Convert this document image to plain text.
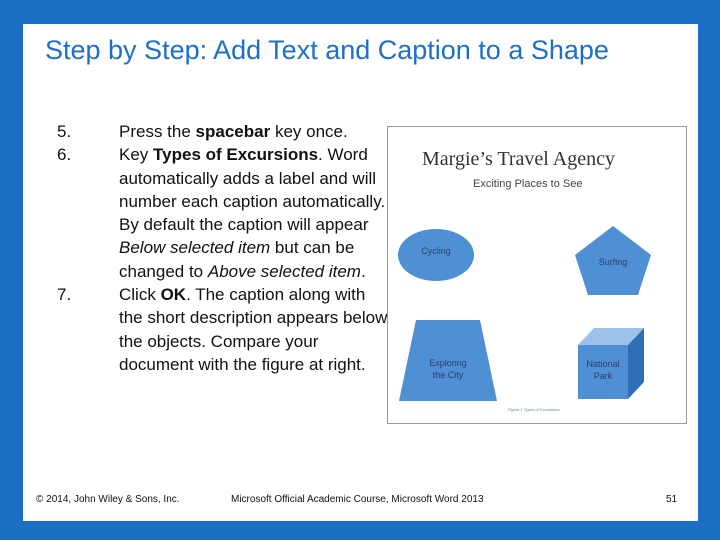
Step by Step: Add Text and Caption to a Shape
5.	Press the spacebar key once.
6.	Key Types of Excursions. Word automatically adds a label and will number each caption automatically. By default the caption will appear Below selected item but can be changed to Above selected item.
7.	Click OK. The caption along with the short description appears below the objects. Compare your document with the figure at right.
Margie’s Travel Agency
Exciting Places to See
Cycling
Surfing
Exploring
the City
National
Park
Figure 1 Types of Excursions
© 2014, John Wiley & Sons, Inc.	Microsoft Official Academic Course, Microsoft Word 2013	51
